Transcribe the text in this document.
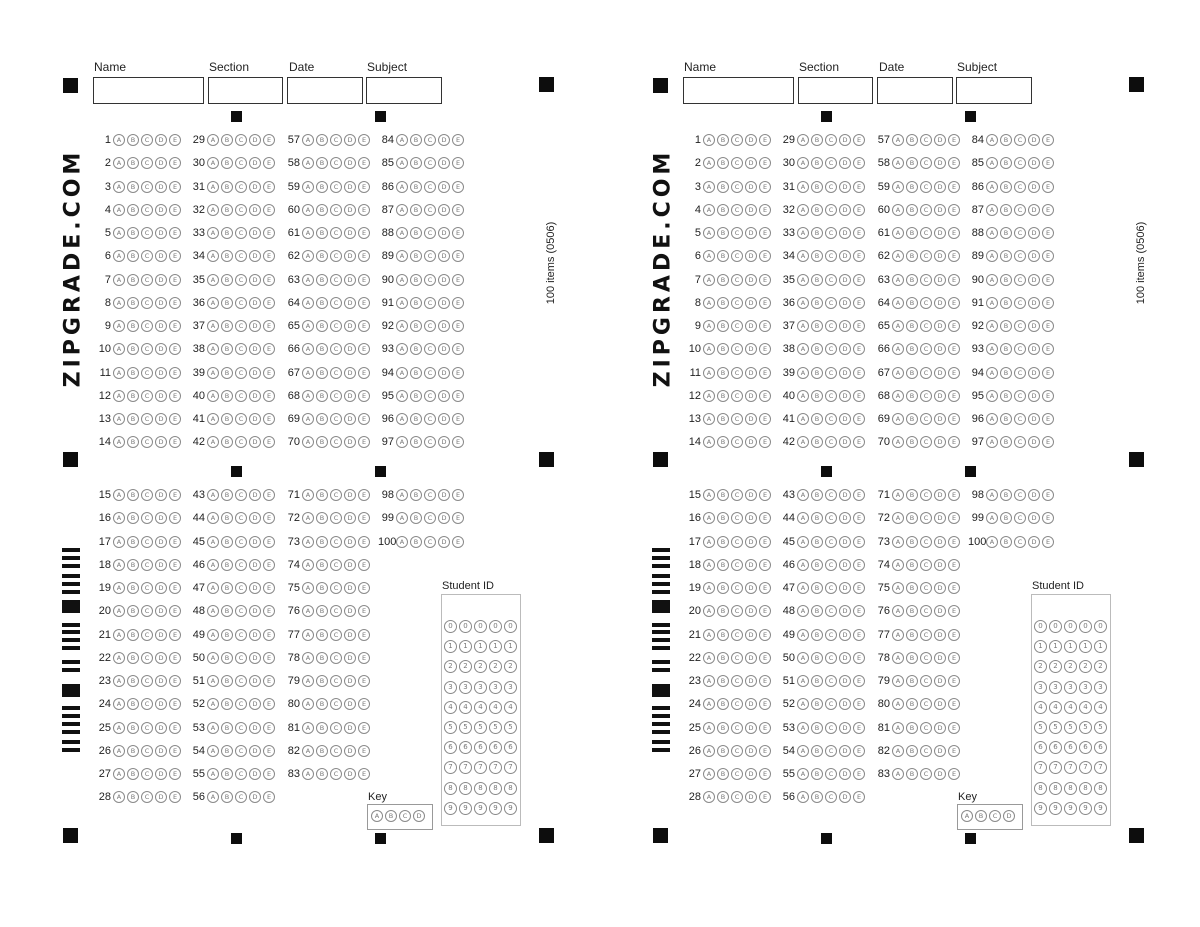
Name	Section	Date	Subject
ZIPGRADE.COM	100 items (0506)
1 A	B	C	D	E
2 A	B	C	D	E
3 A	B	C	D	E
4 A	B	C	D	E
5 A	B	C	D	E
6 A	B	C	D	E
7 A	B	C	D	E
8 A	B	C	D	E
9 A	B	C	D	E
10 A	B	C	D	E
11 A	B	C	D	E
12 A	B	C	D	E
13 A	B	C	D	E
14 A	B	C	D	E
15 A	B	C	D	E
16 A	B	C	D	E
17 A	B	C	D	E
18 A	B	C	D	E
19 A	B	C	D	E
20 A	B	C	D	E
21 A	B	C	D	E
22 A	B	C	D	E
23 A	B	C	D	E
24 A	B	C	D	E
25 A	B	C	D	E
26 A	B	C	D	E
27 A	B	C	D	E
28 A	B	C	D	E
29 A	B	C	D	E
30 A	B	C	D	E
31 A	B	C	D	E
32 A	B	C	D	E
33 A	B	C	D	E
34 A	B	C	D	E
35 A	B	C	D	E
36 A	B	C	D	E
37 A	B	C	D	E
38 A	B	C	D	E
39 A	B	C	D	E
40 A	B	C	D	E
41 A	B	C	D	E
42 A	B	C	D	E
43 A	B	C	D	E
44 A	B	C	D	E
45 A	B	C	D	E
46 A	B	C	D	E
47 A	B	C	D	E
48 A	B	C	D	E
49 A	B	C	D	E
50 A	B	C	D	E
51 A	B	C	D	E
52 A	B	C	D	E
53 A	B	C	D	E
54 A	B	C	D	E
55 A	B	C	D	E
56 A	B	C	D	E
57 A	B	C	D	E
58 A	B	C	D	E
59 A	B	C	D	E
60 A	B	C	D	E
61 A	B	C	D	E
62 A	B	C	D	E
63 A	B	C	D	E
64 A	B	C	D	E
65 A	B	C	D	E
66 A	B	C	D	E
67 A	B	C	D	E
68 A	B	C	D	E
69 A	B	C	D	E
70 A	B	C	D	E
71 A	B	C	D	E
72 A	B	C	D	E
73 A	B	C	D	E
74 A	B	C	D	E
75 A	B	C	D	E
76 A	B	C	D	E
77 A	B	C	D	E
78 A	B	C	D	E
79 A	B	C	D	E
80 A	B	C	D	E
81 A	B	C	D	E
82 A	B	C	D	E
83 A	B	C	D	E
84 A	B	C	D	E
85 A	B	C	D	E
86 A	B	C	D	E
87 A	B	C	D	E
88 A	B	C	D	E
89 A	B	C	D	E
90 A	B	C	D	E
91 A	B	C	D	E
92 A	B	C	D	E
93 A	B	C	D	E
94 A	B	C	D	E
95 A	B	C	D	E
96 A	B	C	D	E
97 A	B	C	D	E
98 A	B	C	D	E
99 A	B	C	D	E
100 A	B	C	D	E
Student ID
0	0	0	0	0
1	1	1	1	1
2	2	2	2	2
3	3	3	3	3
4	4	4	4	4
5	5	5	5	5
6	6	6	6	6
7	7	7	7	7
8	8	8	8	8
9	9	9	9	9
Key
A	B	C	D
Name	Section	Date	Subject
ZIPGRADE.COM	100 items (0506)
1 A	B	C	D	E
2 A	B	C	D	E
3 A	B	C	D	E
4 A	B	C	D	E
5 A	B	C	D	E
6 A	B	C	D	E
7 A	B	C	D	E
8 A	B	C	D	E
9 A	B	C	D	E
10 A	B	C	D	E
11 A	B	C	D	E
12 A	B	C	D	E
13 A	B	C	D	E
14 A	B	C	D	E
15 A	B	C	D	E
16 A	B	C	D	E
17 A	B	C	D	E
18 A	B	C	D	E
19 A	B	C	D	E
20 A	B	C	D	E
21 A	B	C	D	E
22 A	B	C	D	E
23 A	B	C	D	E
24 A	B	C	D	E
25 A	B	C	D	E
26 A	B	C	D	E
27 A	B	C	D	E
28 A	B	C	D	E
29 A	B	C	D	E
30 A	B	C	D	E
31 A	B	C	D	E
32 A	B	C	D	E
33 A	B	C	D	E
34 A	B	C	D	E
35 A	B	C	D	E
36 A	B	C	D	E
37 A	B	C	D	E
38 A	B	C	D	E
39 A	B	C	D	E
40 A	B	C	D	E
41 A	B	C	D	E
42 A	B	C	D	E
43 A	B	C	D	E
44 A	B	C	D	E
45 A	B	C	D	E
46 A	B	C	D	E
47 A	B	C	D	E
48 A	B	C	D	E
49 A	B	C	D	E
50 A	B	C	D	E
51 A	B	C	D	E
52 A	B	C	D	E
53 A	B	C	D	E
54 A	B	C	D	E
55 A	B	C	D	E
56 A	B	C	D	E
57 A	B	C	D	E
58 A	B	C	D	E
59 A	B	C	D	E
60 A	B	C	D	E
61 A	B	C	D	E
62 A	B	C	D	E
63 A	B	C	D	E
64 A	B	C	D	E
65 A	B	C	D	E
66 A	B	C	D	E
67 A	B	C	D	E
68 A	B	C	D	E
69 A	B	C	D	E
70 A	B	C	D	E
71 A	B	C	D	E
72 A	B	C	D	E
73 A	B	C	D	E
74 A	B	C	D	E
75 A	B	C	D	E
76 A	B	C	D	E
77 A	B	C	D	E
78 A	B	C	D	E
79 A	B	C	D	E
80 A	B	C	D	E
81 A	B	C	D	E
82 A	B	C	D	E
83 A	B	C	D	E
84 A	B	C	D	E
85 A	B	C	D	E
86 A	B	C	D	E
87 A	B	C	D	E
88 A	B	C	D	E
89 A	B	C	D	E
90 A	B	C	D	E
91 A	B	C	D	E
92 A	B	C	D	E
93 A	B	C	D	E
94 A	B	C	D	E
95 A	B	C	D	E
96 A	B	C	D	E
97 A	B	C	D	E
98 A	B	C	D	E
99 A	B	C	D	E
100 A	B	C	D	E
Student ID
0	0	0	0	0
1	1	1	1	1
2	2	2	2	2
3	3	3	3	3
4	4	4	4	4
5	5	5	5	5
6	6	6	6	6
7	7	7	7	7
8	8	8	8	8
9	9	9	9	9
Key
A	B	C	D
